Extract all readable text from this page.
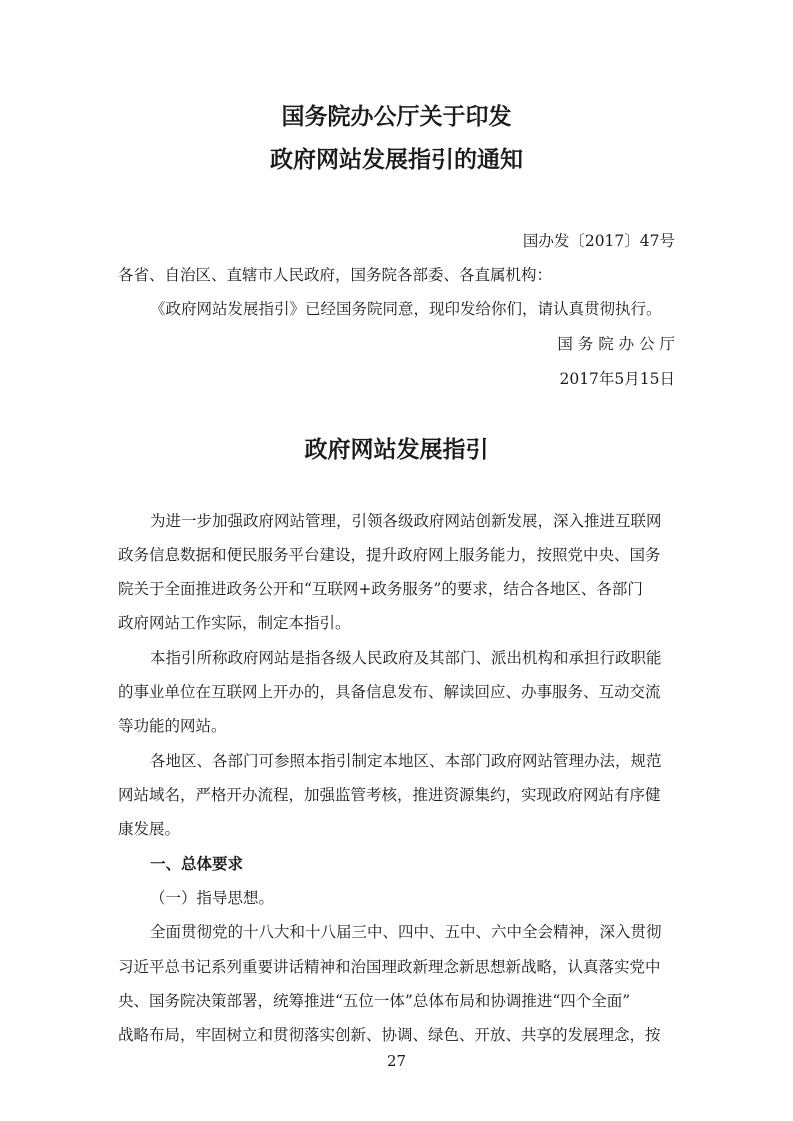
国务院办公厅关于印发
政府网站发展指引的通知
国办发〔2017〕47号
各省、自治区、直辖市人民政府，国务院各部委、各直属机构：
《政府网站发展指引》已经国务院同意，现印发给你们，请认真贯彻执行。
国 务 院 办 公 厅
2017年5月15日
政府网站发展指引
为进一步加强政府网站管理，引领各级政府网站创新发展，深入推进互联网
政务信息数据和便民服务平台建设，提升政府网上服务能力，按照党中央、国务
院关于全面推进政务公开和“互联网+政务服务”的要求，结合各地区、各部门
政府网站工作实际，制定本指引。
本指引所称政府网站是指各级人民政府及其部门、派出机构和承担行政职能
的事业单位在互联网上开办的，具备信息发布、解读回应、办事服务、互动交流
等功能的网站。
各地区、各部门可参照本指引制定本地区、本部门政府网站管理办法，规范
网站域名，严格开办流程，加强监管考核，推进资源集约，实现政府网站有序健
康发展。
一、总体要求
（一）指导思想。
全面贯彻党的十八大和十八届三中、四中、五中、六中全会精神，深入贯彻
习近平总书记系列重要讲话精神和治国理政新理念新思想新战略，认真落实党中
央、国务院决策部署，统筹推进“五位一体”总体布局和协调推进“四个全面”
战略布局，牢固树立和贯彻落实创新、协调、绿色、开放、共享的发展理念，按
27
